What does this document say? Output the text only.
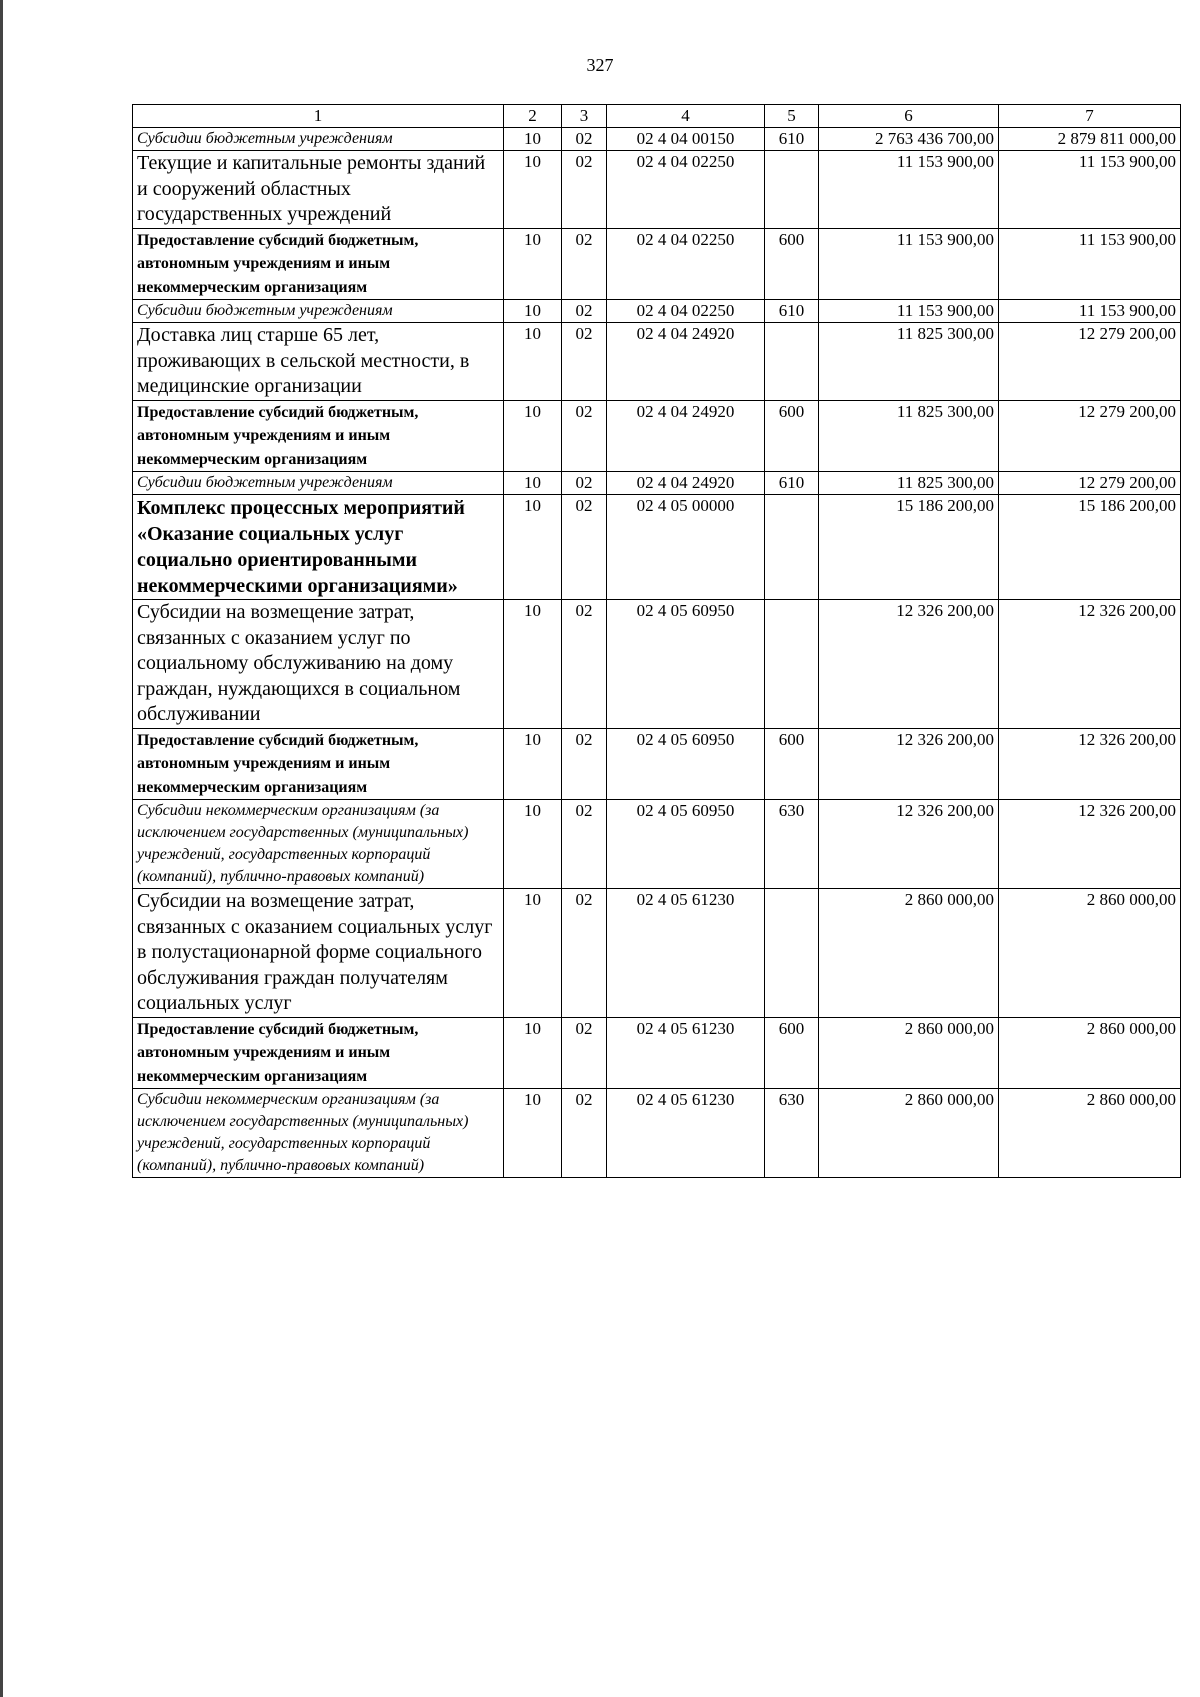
327
1	2	3	4	5	6	7
Субсидии бюджетным учреждениям	10	02	02 4 04 00150	610	2 763 436 700,00	2 879 811 000,00
Текущие и капитальные ремонты зданий и сооружений областных государственных учреждений	10	02	02 4 04 02250		11 153 900,00	11 153 900,00
Предоставление субсидий бюджетным, автономным учреждениям и иным некоммерческим организациям	10	02	02 4 04 02250	600	11 153 900,00	11 153 900,00
Субсидии бюджетным учреждениям	10	02	02 4 04 02250	610	11 153 900,00	11 153 900,00
Доставка лиц старше 65 лет, проживающих в сельской местности, в медицинские организации	10	02	02 4 04 24920		11 825 300,00	12 279 200,00
Предоставление субсидий бюджетным, автономным учреждениям и иным некоммерческим организациям	10	02	02 4 04 24920	600	11 825 300,00	12 279 200,00
Субсидии бюджетным учреждениям	10	02	02 4 04 24920	610	11 825 300,00	12 279 200,00
Комплекс процессных мероприятий «Оказание социальных услуг социально ориентированными некоммерческими организациями»	10	02	02 4 05 00000		15 186 200,00	15 186 200,00
Субсидии на возмещение затрат, связанных с оказанием услуг по социальному обслуживанию на дому граждан, нуждающихся в социальном обслуживании	10	02	02 4 05 60950		12 326 200,00	12 326 200,00
Предоставление субсидий бюджетным, автономным учреждениям и иным некоммерческим организациям	10	02	02 4 05 60950	600	12 326 200,00	12 326 200,00
Субсидии некоммерческим организациям (за исключением государственных (муниципальных) учреждений, государственных корпораций (компаний), публично-правовых компаний)	10	02	02 4 05 60950	630	12 326 200,00	12 326 200,00
Субсидии на возмещение затрат, связанных с оказанием социальных услуг в полустационарной форме социального обслуживания граждан получателям социальных услуг	10	02	02 4 05 61230		2 860 000,00	2 860 000,00
Предоставление субсидий бюджетным, автономным учреждениям и иным некоммерческим организациям	10	02	02 4 05 61230	600	2 860 000,00	2 860 000,00
Субсидии некоммерческим организациям (за исключением государственных (муниципальных) учреждений, государственных корпораций (компаний), публично-правовых компаний)	10	02	02 4 05 61230	630	2 860 000,00	2 860 000,00
